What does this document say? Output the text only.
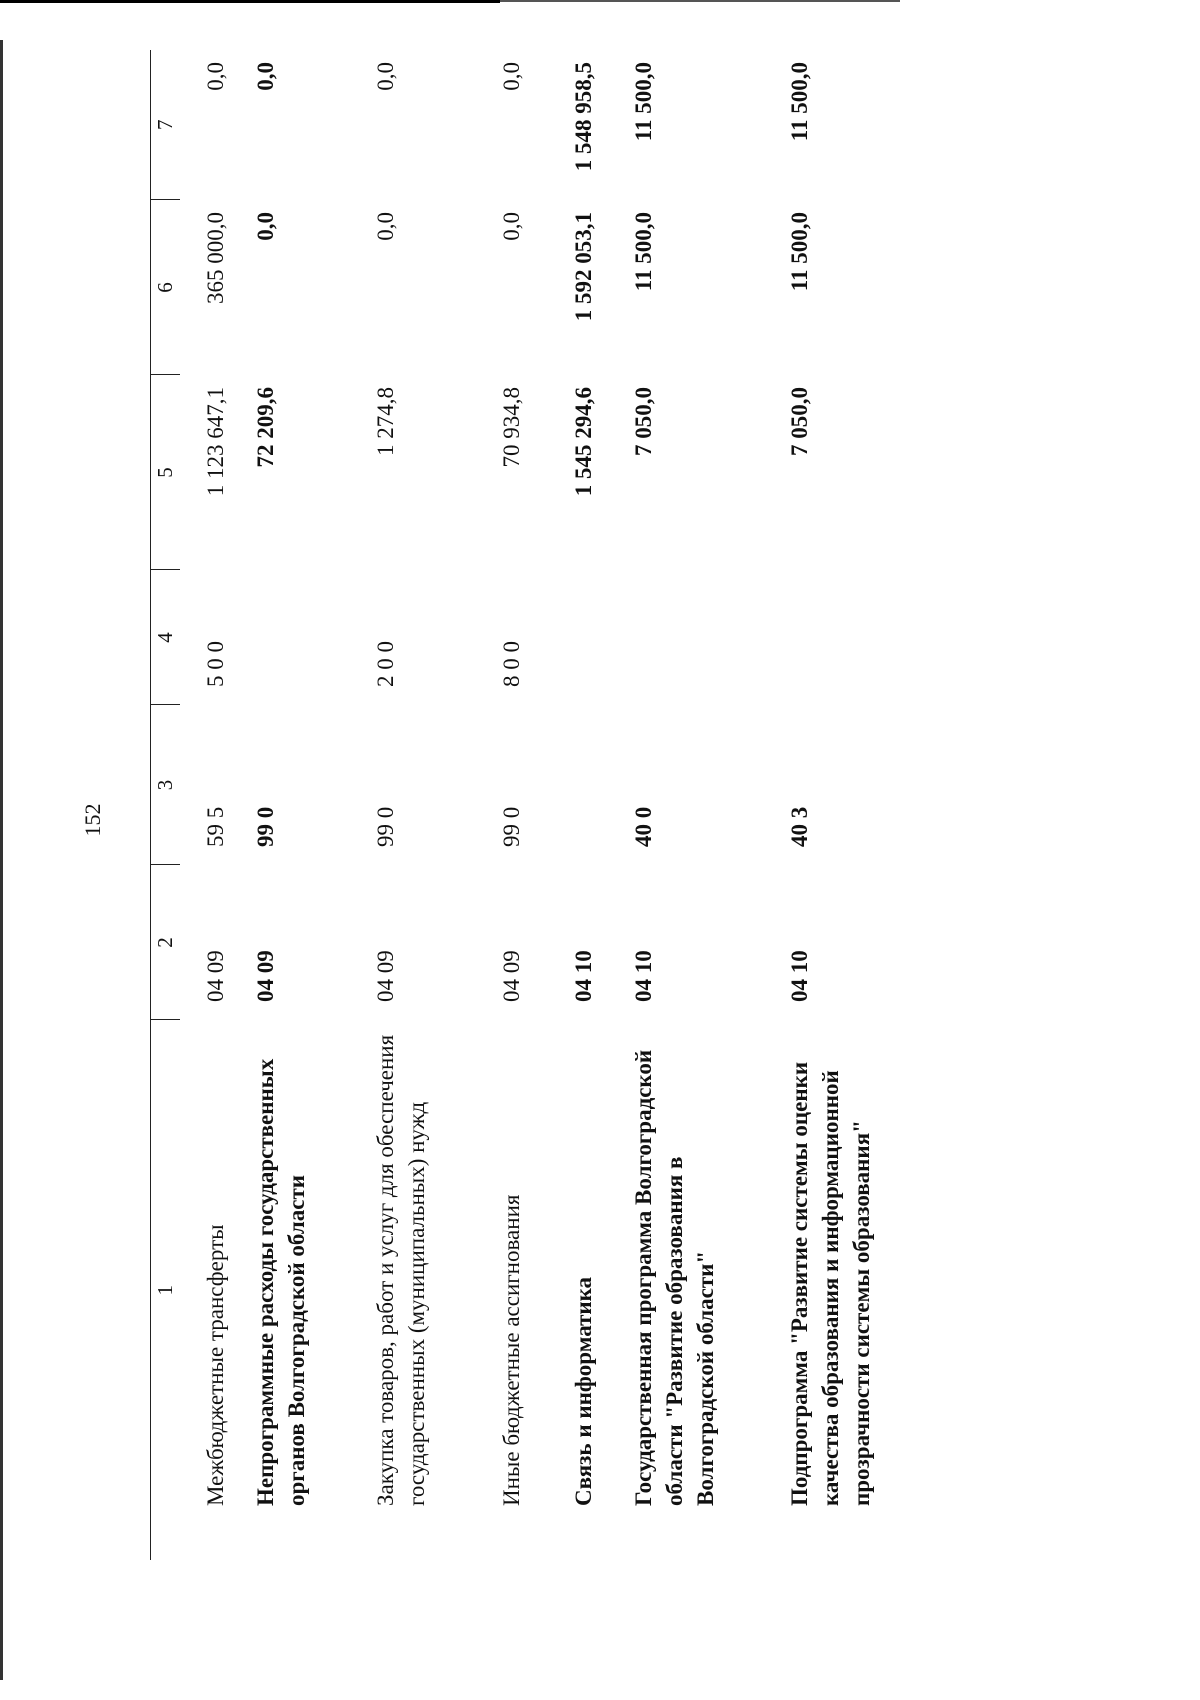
152
1	2	3	4	5	6	7
Межбюджетные трансферты	04 09	59 5	5 0 0	1 123 647,1	365 000,0	0,0
Непрограммные расходы государственных органов Волгоградской области	04 09	99 0		72 209,6	0,0	0,0
Закупка товаров, работ и услуг для обеспечения государственных (муниципальных) нужд	04 09	99 0	2 0 0	1 274,8	0,0	0,0
Иные бюджетные ассигнования	04 09	99 0	8 0 0	70 934,8	0,0	0,0
Связь и информатика	04 10			1 545 294,6	1 592 053,1	1 548 958,5
Государственная программа Волгоградской области "Развитие образования в Волгоградской области"	04 10	40 0		7 050,0	11 500,0	11 500,0
Подпрограмма "Развитие системы оценки качества образования и информационной прозрачности системы образования"	04 10	40 3		7 050,0	11 500,0	11 500,0
